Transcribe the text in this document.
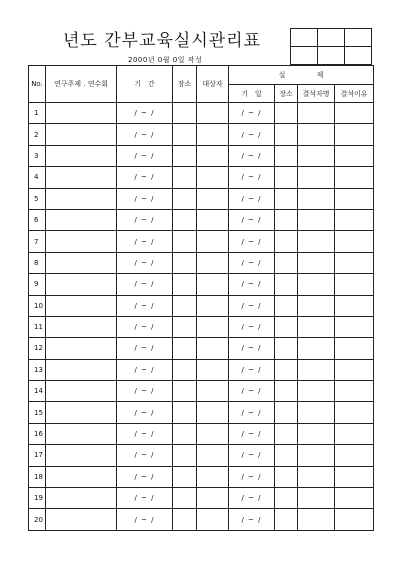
년도 간부교육실시관리표
2000년 0월 0일 작성

No.	연구주제 . 연수회	기   간	장소	대상자	실              제			
					기   일	장소	결석자명	결석이유
1		/ ~ /			/ ~ /			
2		/ ~ /			/ ~ /			
3		/ ~ /			/ ~ /			
4		/ ~ /			/ ~ /			
5		/ ~ /			/ ~ /			
6		/ ~ /			/ ~ /			
7		/ ~ /			/ ~ /			
8		/ ~ /			/ ~ /			
9		/ ~ /			/ ~ /			
10		/ ~ /			/ ~ /			
11		/ ~ /			/ ~ /			
12		/ ~ /			/ ~ /			
13		/ ~ /			/ ~ /			
14		/ ~ /			/ ~ /			
15		/ ~ /			/ ~ /			
16		/ ~ /			/ ~ /			
17		/ ~ /			/ ~ /			
18		/ ~ /			/ ~ /			
19		/ ~ /			/ ~ /			
20		/ ~ /			/ ~ /			
